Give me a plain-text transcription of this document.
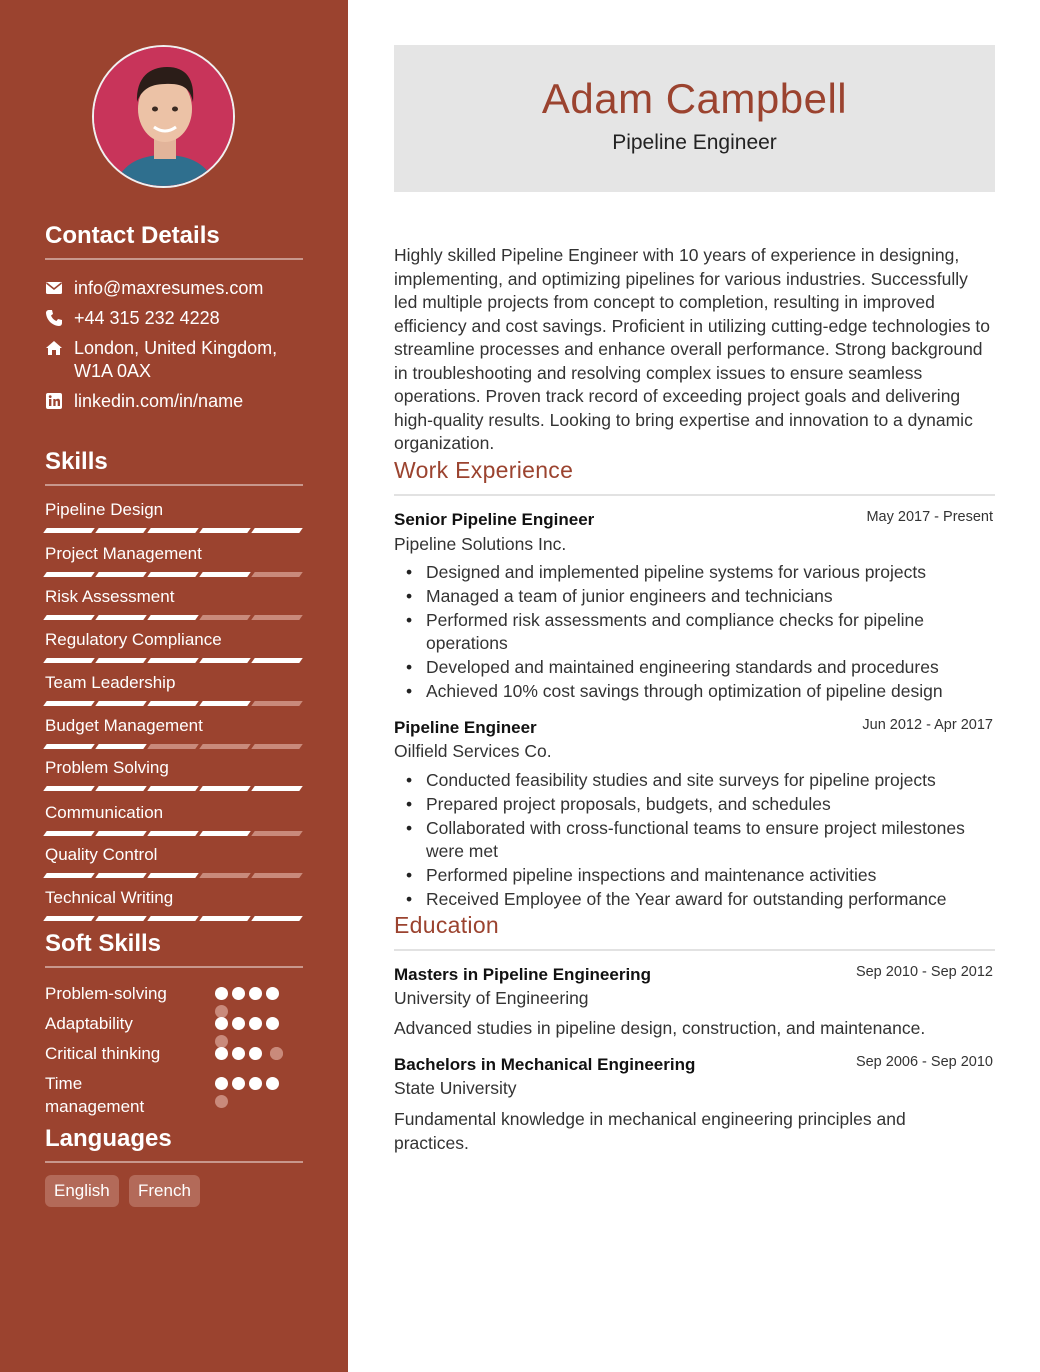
Contact Details
info@maxresumes.com
+44 315 232 4228
London, United Kingdom,
W1A 0AX
linkedin.com/in/name
Skills
Soft Skills
Languages
English	French
Pipeline Design
Project Management
Risk Assessment
Regulatory Compliance
Team Leadership
Budget Management
Problem Solving
Communication
Quality Control
Technical Writing
Problem-solving
Adaptability
Critical thinking
Time management
Adam Campbell
Pipeline Engineer
Highly skilled Pipeline Engineer with 10 years of experience in designing, implementing, and optimizing pipelines for various industries. Successfully led multiple projects from concept to completion, resulting in improved efficiency and cost savings. Proficient in utilizing cutting-edge technologies to streamline processes and enhance overall performance. Strong background in troubleshooting and resolving complex issues to ensure seamless operations. Proven track record of exceeding project goals and delivering high-quality results. Looking to bring expertise and innovation to a dynamic organization.
Work Experience
Senior Pipeline Engineer	May 2017 - Present
Pipeline Solutions Inc.
• Designed and implemented pipeline systems for various projects
• Managed a team of junior engineers and technicians
• Performed risk assessments and compliance checks for pipeline operations
• Developed and maintained engineering standards and procedures
• Achieved 10% cost savings through optimization of pipeline design
Pipeline Engineer	Jun 2012 - Apr 2017
Oilfield Services Co.
• Conducted feasibility studies and site surveys for pipeline projects
• Prepared project proposals, budgets, and schedules
• Collaborated with cross-functional teams to ensure project milestones were met
• Performed pipeline inspections and maintenance activities
• Received Employee of the Year award for outstanding performance
Education
Masters in Pipeline Engineering	Sep 2010 - Sep 2012
University of Engineering
Advanced studies in pipeline design, construction, and maintenance.
Bachelors in Mechanical Engineering	Sep 2006 - Sep 2010
State University
Fundamental knowledge in mechanical engineering principles and practices.
